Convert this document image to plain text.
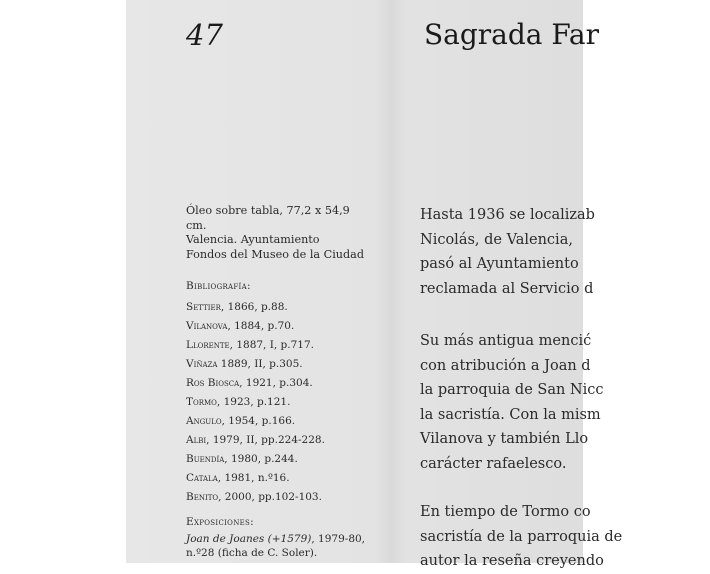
47	Sagrada Far
Óleo sobre tabla, 77,2 x 54,9
cm.
Valencia. Ayuntamiento
Fondos del Museo de la Ciudad
Bibliografía:
Settier, 1866, p.88.
Vilanova, 1884, p.70.
Llorente, 1887, I, p.717.
Viñaza 1889, II, p.305.
Ros Biosca, 1921, p.304.
Tormo, 1923, p.121.
Angulo, 1954, p.166.
Albi, 1979, II, pp.224-228.
Buendía, 1980, p.244.
Catala, 1981, n.º16.
Benito, 2000, pp.102-103.
Exposiciones:
Joan de Joanes (+1579), 1979-80,
n.º28 (ficha de C. Soler).
Hasta 1936 se localizab
Nicolás, de Valencia,
pasó al Ayuntamiento
reclamada al Servicio d
Su más antigua mencić
con atribución a Joan d
la parroquia de San Nicc
la sacristía. Con la mism
Vilanova y también Llo
carácter rafaelesco.
En tiempo de Tormo co
sacristía de la parroquia de
autor la reseña creyendo
